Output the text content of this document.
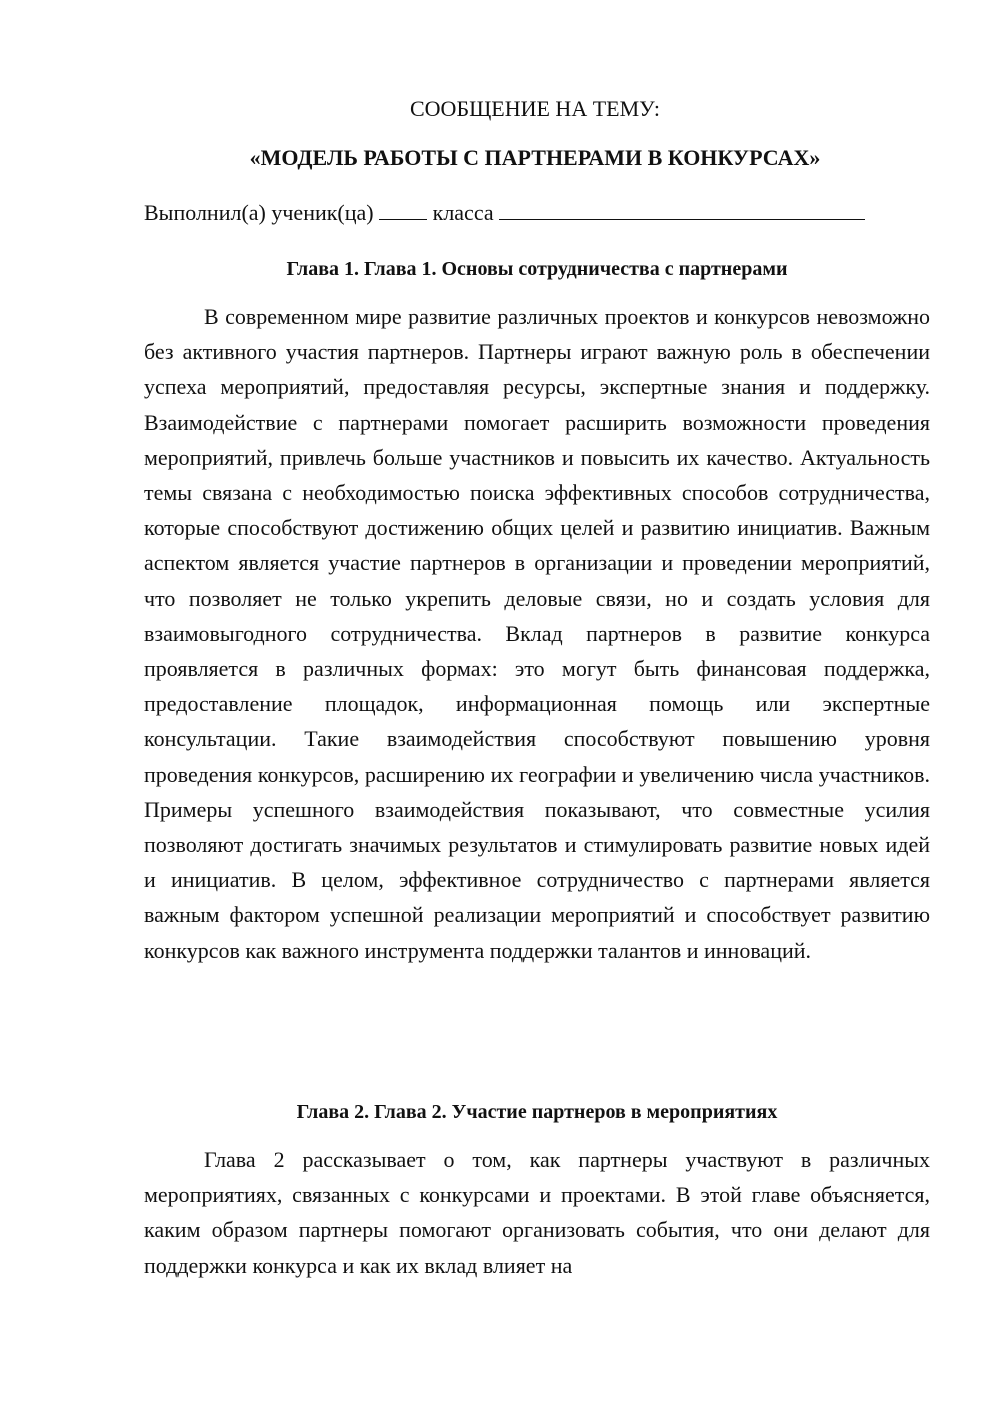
СООБЩЕНИЕ НА ТЕМУ:
«МОДЕЛЬ РАБОТЫ С ПАРТНЕРАМИ В КОНКУРСАХ»
Выполнил(а) ученик(ца)	класса
Глава 1. Глава 1. Основы сотрудничества с партнерами

В современном мире развитие различных проектов и конкурсов невозможно без активного участия партнеров. Партнеры играют важную роль в обеспечении успеха мероприятий, предоставляя ресурсы, экспертные знания и поддержку. Взаимодействие с партнерами помогает расширить возможности проведения мероприятий, привлечь больше участников и повысить их качество. Актуальность темы связана с необходимостью поиска эффективных способов сотрудничества, которые способствуют достижению общих целей и развитию инициатив. Важным аспектом является участие партнеров в организации и проведении мероприятий, что позволяет не только укрепить деловые связи, но и создать условия для взаимовыгодного сотрудничества. Вклад партнеров в развитие конкурса проявляется в различных формах: это могут быть финансовая поддержка, предоставление площадок, информационная помощь или экспертные консультации. Такие взаимодействия способствуют повышению уровня проведения конкурсов, расширению их географии и увеличению числа участников. Примеры успешного взаимодействия показывают, что совместные усилия позволяют достигать значимых результатов и стимулировать развитие новых идей и инициатив. В целом, эффективное сотрудничество с партнерами является важным фактором успешной реализации мероприятий и способствует развитию конкурсов как важного инструмента поддержки талантов и инноваций.

Глава 2. Глава 2. Участие партнеров в мероприятиях

Глава 2 рассказывает о том, как партнеры участвуют в различных мероприятиях, связанных с конкурсами и проектами. В этой главе объясняется, каким образом партнеры помогают организовать события, что они делают для поддержки конкурса и как их вклад влияет на
